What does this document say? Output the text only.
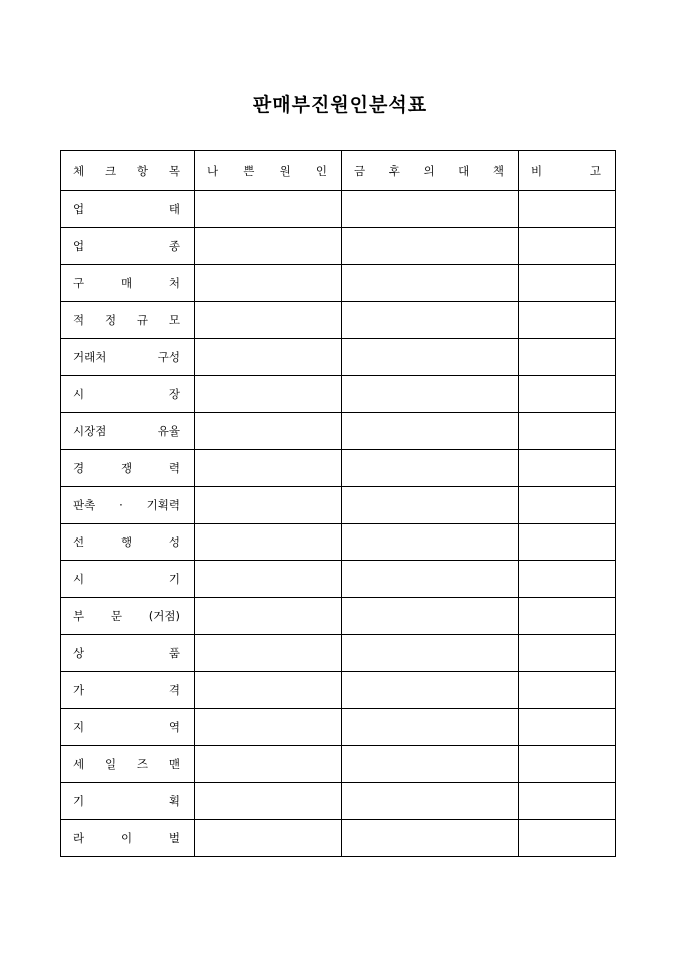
판매부진원인분석표
체 크 항 목	나 쁜 원 인	금 후 의 대 책	비 고

업 태			

업 종			

구 매 처			

적 정 규 모			

거래처 구성			

시 장			

시장점 유율			

경 쟁 력			

판촉 · 기획력			

선 행 성			

시 기			

부 문 (거점)			

상 품			

가 격			

지 역			

세 일 즈 맨			

기 획			

라 이 벌			
